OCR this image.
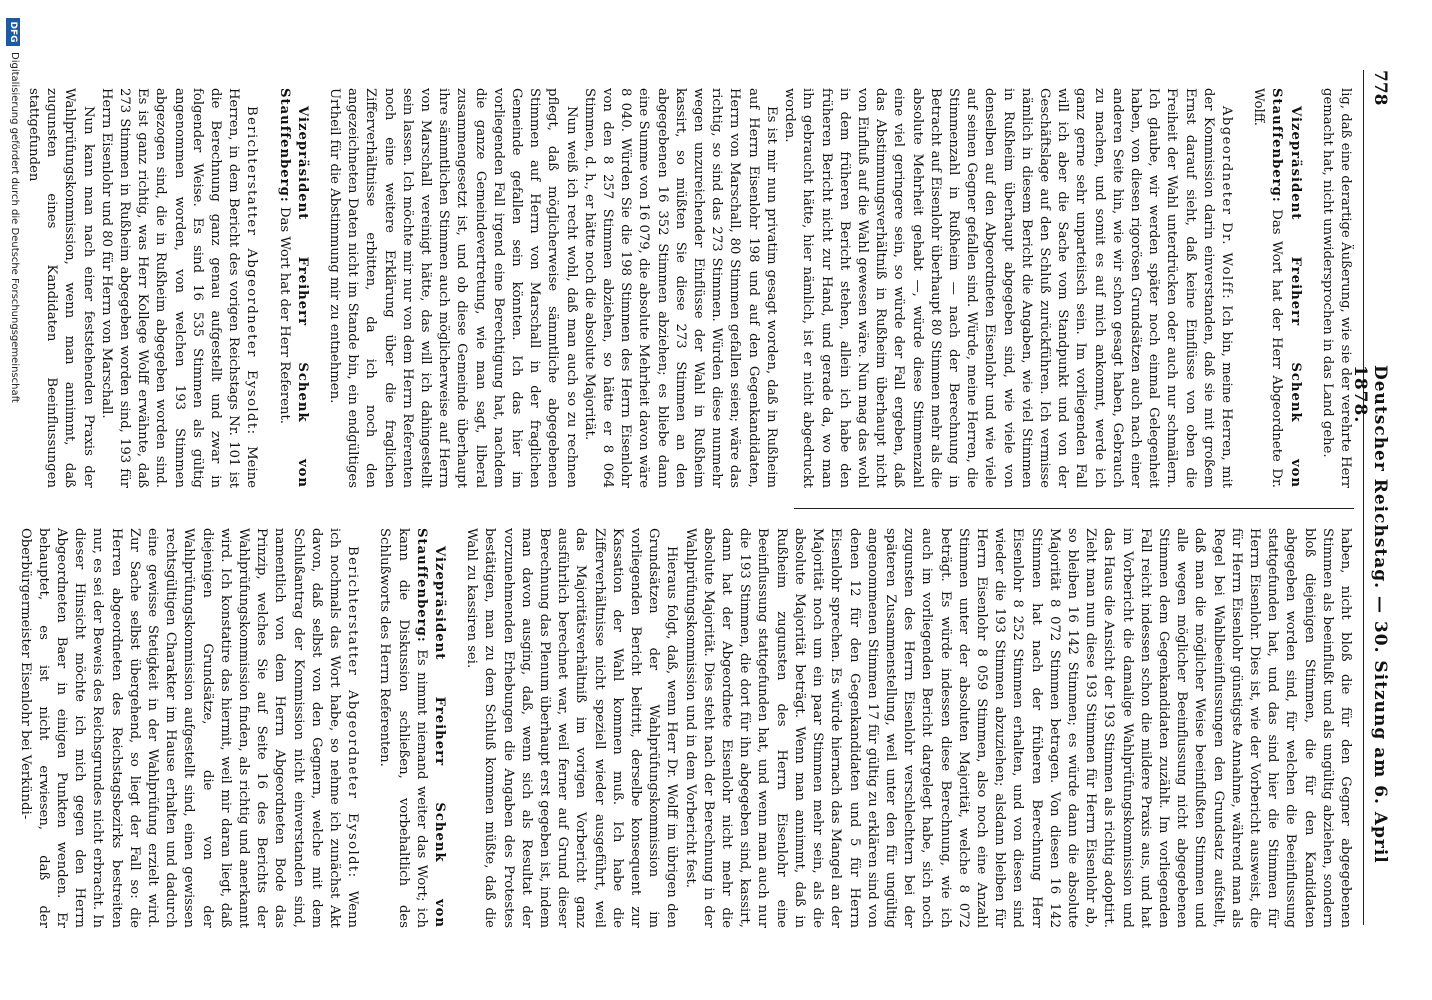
778
Deutscher Reichstag. — 30. Sitzung am 6. April 1878.

lig, daß eine derartige Äußerung, wie sie der verehrte Herr gemacht hat, nicht unwidersprochen in das Land gehe.

Vizepräsident Freiherr Schenk von Stauffenberg: Das Wort hat der Herr Abgeordnete Dr. Wolff.

Abgeordneter Dr. Wolff: Ich bin, meine Herren, mit der Kommission darin einverstanden, daß sie mit großem Ernst darauf sieht, daß keine Einflüsse von oben die Freiheit der Wahl unterdrücken oder auch nur schmälern. Ich glaube, wir werden später noch einmal Gelegenheit haben, von diesen rigorösen Grundsätzen auch nach einer anderen Seite hin, wie wir schon gesagt haben, Gebrauch zu machen, und somit es auf mich ankommt, werde ich ganz gerne sehr unparteiisch sein. Im vorliegenden Fall will ich aber die Sache vom Standpunkt und von der Geschäftslage auf den Schluß zurückführen. Ich vermisse nämlich in diesem Bericht die Angaben, wie viel Stimmen in Rußheim überhaupt abgegeben sind, wie viele von denselben auf den Abgeordneten Eisenlohr und wie viele auf seinen Gegner gefallen sind. Würde, meine Herren, die Stimmenzahl in Rußheim — nach der Berechnung in Betracht auf Eisenlohr überhaupt 80 Stimmen mehr als die absolute Mehrheit gehabt —, würde diese Stimmenzahl eine viel geringere sein, so würde der Fall ergeben, daß das Abstimmungsverhältniß in Rußheim überhaupt nicht von Einfluß auf die Wahl gewesen wäre. Nun mag das wohl in dem früheren Bericht stehen, allein ich habe den früheren Bericht nicht zur Hand, und gerade da, wo man ihn gebraucht hätte, hier nämlich, ist er nicht abgedruckt worden.

Es ist mir nun privatim gesagt worden, daß in Rußheim auf Herrn Eisenlohr 198 und auf den Gegenkandidaten, Herrn von Marschall, 80 Stimmen gefallen seien; wäre das richtig, so sind das 273 Stimmen. Würden diese nunmehr wegen unzureichender Einflüsse der Wahl in Rußheim kassirt, so müßten Sie diese 273 Stimmen an den abgegebenen 16 352 Stimmen abziehen; es bliebe dann eine Summe von 16 079, die absolute Mehrheit davon wäre 8 040. Würden Sie die 198 Stimmen des Herrn Eisenlohr von den 8 257 Stimmen abziehen, so hätte er 8 064 Stimmen, d. h., er hätte noch die absolute Majorität.

Nun weiß ich recht wohl, daß man auch so zu rechnen pflegt, daß möglicherweise sämmtliche abgegebenen Stimmen auf Herrn von Marschall in der fraglichen Gemeinde gefallen sein könnten. Ich das hier im vorliegenden Fall irgend eine Berechtigung hat, nachdem die ganze Gemeindevertretung, wie man sagt, liberal zusammengesetzt ist, und ob diese Gemeinde überhaupt ihre sämmtlichen Stimmen auch möglicherweise auf Herrn von Marschall vereinigt hätte, das will ich dahingestellt sein lassen. Ich möchte mir nur von dem Herrn Referenten noch eine weitere Erklärung über die fraglichen Zifferverhältnisse erbitten, da ich noch den angezeichneten Daten nicht im Stande bin, ein endgültiges Urtheil für die Abstimmung mir zu entnehmen.

Vizepräsident Freiherr Schenk von Stauffenberg: Das Wort hat der Herr Referent.

Berichterstatter Abgeordneter Eysoldt: Meine Herren, in dem Bericht des vorigen Reichstags Nr. 101 ist die Berechnung ganz genau aufgestellt und zwar in folgender Weise. Es sind 16 535 Stimmen als gültig angenommen worden, von welchen 193 Stimmen abgezogen sind, die in Rußheim abgegeben worden sind. Es ist ganz richtig, was Herr Kollege Wolff erwähnte, daß 273 Stimmen in Rußheim abgegeben worden sind, 193 für Herrn Eisenlohr und 80 für Herrn von Marschall.

Nun kann man nach einer feststehenden Praxis der Wahlprüfungskommission, wenn man annimmt, daß zugunsten eines Kandidaten Beeinflussungen stattgefunden

haben, nicht bloß die für den Gegner abgegebenen Stimmen als beeinflußt und als ungültig abziehen, sondern bloß diejenigen Stimmen, die für den Kandidaten abgegeben worden sind, für welchen die Beeinflussung stattgefunden hat, und das sind hier die Stimmen für Herrn Eisenlohr. Dies ist, wie der Vorbericht ausweist, die für Herrn Eisenlohr günstigste Annahme, während man als Regel bei Wahlbeeinflussungen den Grundsatz aufstellt, daß man die möglicher Weise beeinflußten Stimmen und alle wegen möglicher Beeinflussung nicht abgegebenen Stimmen dem Gegenkandidaten zuzählt. Im vorliegenden Fall reicht indessen schon die mildere Praxis aus, und hat im Vorbericht die damalige Wahlprüfungskommission und das Haus die Ansicht der 193 Stimmen als richtig adoptirt. Zieht man nun diese 193 Stimmen für Herrn Eisenlohr ab, so bleiben 16 142 Stimmen; es würde dann die absolute Majorität 8 072 Stimmen betragen. Von diesen 16 142 Stimmen hat nach der früheren Berechnung Herr Eisenlohr 8 252 Stimmen erhalten, und von diesen sind wieder die 193 Stimmen abzuziehen; alsdann bleiben für Herrn Eisenlohr 8 059 Stimmen, also noch eine Anzahl Stimmen unter der absoluten Majorität, welche 8 072 beträgt. Es würde indessen diese Berechnung, wie ich auch im vorliegenden Bericht dargelegt habe, sich noch zugunsten des Herrn Eisenlohr verschlechtern bei der späteren Zusammenstellung, weil unter den für ungültig angenommenen Stimmen 17 für gültig zu erklären sind von denen 12 für den Gegenkandidaten und 5 für Herrn Eisenlohr sprechen. Es würde hiernach das Mangel an der Majorität noch um ein paar Stimmen mehr sein, als die absolute Majorität beträgt. Wenn man annimmt, daß in Rußheim zugunsten des Herrn Eisenlohr eine Beeinflussung stattgefunden hat, und wenn man auch nur die 193 Stimmen, die dort für ihn abgegeben sind, kassirt, dann hat der Abgeordnete Eisenlohr nicht mehr die absolute Majorität. Dies steht nach der Berechnung in der Wahlprüfungskommission und in dem Vorbericht fest.

Hieraus folgt, daß, wenn Herr Dr. Wolff im übrigen den Grundsätzen der Wahlprüfungskommission im vorliegenden Bericht beitritt, derselbe konsequent zur Kassation der Wahl kommen muß. Ich habe die Zifferverhältnisse nicht speziell wieder ausgeführt, weil das Majoritätsverhältniß im vorigen Vorbericht ganz ausführlich berechnet war, weil ferner auf Grund dieser Berechnung das Plenum überhaupt erst gegeben ist, indem man davon ausging, daß, wenn sich als Resultat der vorzunehmenden Erhebungen die Angaben des Protestes bestätigen, man zu dem Schluß kommen müßte, daß die Wahl zu kassiren sei.

Vizepräsident Freiherr Schenk von Stauffenberg: Es nimmt niemand weiter das Wort; ich kann die Diskussion schließen, vorbehaltlich des Schlußworts des Herrn Referenten.

Berichterstatter Abgeordneter Eysoldt: Wenn ich nochmals das Wort habe, so nehme ich zunächst Akt davon, daß selbst von den Gegnern, welche mit dem Schlußantrag der Kommission nicht einverstanden sind, namentlich von dem Herrn Abgeordneten Bode das Prinzip, welches Sie auf Seite 16 des Berichts der Wahlprüfungskommission finden, als richtig und anerkannt wird. Ich konstatire das hiermit, weil mir daran liegt, daß diejenigen Grundsätze, die von der Wahlprüfungskommission aufgestellt sind, einen gewissen rechtsgültigen Charakter im Hause erhalten und dadurch eine gewisse Stetigkeit in der Wahlprüfung erzielt wird. Zur Sache selbst übergehend, so liegt der Fall so: die Herren abgeordneten des Reichstagsbezirks bestreiten nur, es sei der Beweis des Reichsgrundes nicht erbracht. In dieser Hinsicht möchte ich mich gegen den Herrn Abgeordneten Baer in einigen Punkten wenden. Er behauptet, es ist nicht erwiesen, daß der Oberbürgermeister Eisenlohr bei Verkündi-

DFG
Digitalisierung gefördert durch die Deutsche Forschungsgemeinschaft
